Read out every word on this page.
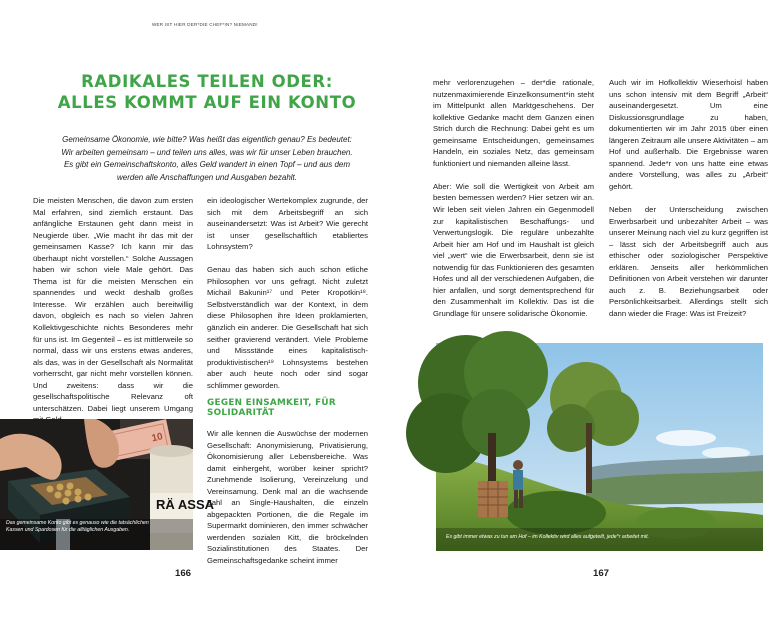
WER IST HIER DER*DIE CHEF*IN? NIEMAND!
RADIKALES TEILEN ODER:
ALLES KOMMT AUF EIN KONTO
Gemeinsame Ökonomie, wie bitte? Was heißt das eigentlich genau? Es bedeutet: Wir arbeiten gemeinsam – und teilen uns alles, was wir für unser Leben brauchen. Es gibt ein Gemeinschaftskonto, alles Geld wandert in einen Topf – und aus dem werden alle Anschaffungen und Ausgaben bezahlt.

Die meisten Menschen, die davon zum ersten Mal erfahren, sind ziemlich erstaunt. Das anfängliche Erstaunen geht dann meist in Neugierde über. „Wie macht ihr das mit der gemeinsamen Kasse? Ich kann mir das überhaupt nicht vorstellen.“ Solche Aussagen haben wir schon viele Male gehört. Das Thema ist für die meisten Menschen ein spannendes und weckt deshalb großes Interesse. Wir erzählen auch bereitwillig davon, obgleich es nach so vielen Jahren Kollektivgeschichte nichts Besonderes mehr für uns ist. Im Gegenteil – es ist mittlerweile so normal, dass wir uns erstens etwas anderes, als das, was in der Gesellschaft als Normalität vorherrscht, gar nicht mehr vorstellen können. Und zweitens: dass wir die gesellschaftspolitische Relevanz oft unterschätzen. Dabei liegt unserem Umgang

ein ideologischer Wertekomplex zugrunde, der sich mit dem Arbeitsbegriff an sich auseinandersetzt: Was ist Arbeit? Wie gerecht ist unser gesellschaftlich etabliertes Lohnsystem?

Genau das haben sich auch schon etliche Philosophen vor uns gefragt. Nicht zuletzt Michail Bakunin¹⁷ und Peter Kropotkin¹⁸. Selbstverständlich war der Kontext, in dem diese Philosophen ihre Ideen proklamierten, gänzlich ein anderer. Die Gesellschaft hat sich seither gravierend verändert. Viele Probleme und Missstände eines kapitalistisch-produktivistischen¹⁹ Lohnsystems bestehen aber auch heute noch oder sind sogar schlimmer geworden.

GEGEN EINSAMKEIT, FÜR SOLIDARITÄT

Wir alle kennen die Auswüchse der modernen Gesellschaft: Anonymisierung, Privatisierung, Ökonomisierung aller Lebensbereiche. Was damit einhergeht, worüber keiner spricht? Zunehmende Isolierung, Vereinzelung und Vereinsamung. Denk mal an die wachsende Zahl an Single-Haushalten, die einzeln abgepackten Portionen, die die Regale im Supermarkt dominieren, den immer schwächer werdenden sozialen Kitt, die bröckelnden Sozialinstitutionen des Staates. Der Gemeinschaftsgedanke scheint immer

mehr verlorenzugehen – der*die rationale, nutzenmaximierende Einzelkonsument*in steht im Mittelpunkt allen Marktgeschehens. Der kollektive Gedanke macht dem Ganzen einen Strich durch die Rechnung: Dabei geht es um gemeinsame Entscheidungen, gemeinsames Handeln, ein soziales Netz, das gemeinsam funktioniert und niemanden alleine lässt.

Aber: Wie soll die Wertigkeit von Arbeit am besten bemessen werden? Hier setzen wir an. Wir leben seit vielen Jahren ein Gegenmodell zur kapitalistischen Beschaffungs- und Verwertungslogik. Die reguläre unbezahlte Arbeit hier am Hof und im Haushalt ist gleich viel „wert“ wie die Erwerbsarbeit, denn sie ist notwendig für das Funktionieren des gesamten Hofes und all der verschiedenen Aufgaben, die hier anfallen, und sorgt dementsprechend für den Zusammenhalt im Kollektiv. Das ist die Grundlage für unsere solidarische Ökonomie.

Auch wir im Hofkollektiv Wieserhoisl haben uns schon intensiv mit dem Begriff „Arbeit“ auseinandergesetzt. Um eine Diskussionsgrundlage zu haben, dokumentierten wir im Jahr 2015 über einen längeren Zeitraum alle unsere Aktivitäten – am Hof und außerhalb. Die Ergebnisse waren spannend. Jede*r von uns hatte eine etwas andere Vorstellung, was alles zu „Arbeit“ gehört.

Neben der Unterscheidung zwischen Erwerbsarbeit und unbezahlter Arbeit – was unserer Meinung nach viel zu kurz gegriffen ist – lässt sich der Arbeitsbegriff auch aus ethischer oder soziologischer Perspektive erklären. Jenseits aller herkömmlichen Definitionen von Arbeit verstehen wir darunter auch z. B. Beziehungsarbeit oder Persönlichkeitsarbeit. Allerdings stellt sich dann wieder die Frage: Was ist Freizeit?

10
RÄ ASSA
Das gemeinsame Konto gibt es genauso wie die tatsächlichen Kassen und Spardosen für die alltäglichen Ausgaben.
Es gibt immer etwas zu tun am Hof – im Kollektiv wird alles aufgeteilt, jede*r arbeitet mit.
166	167
